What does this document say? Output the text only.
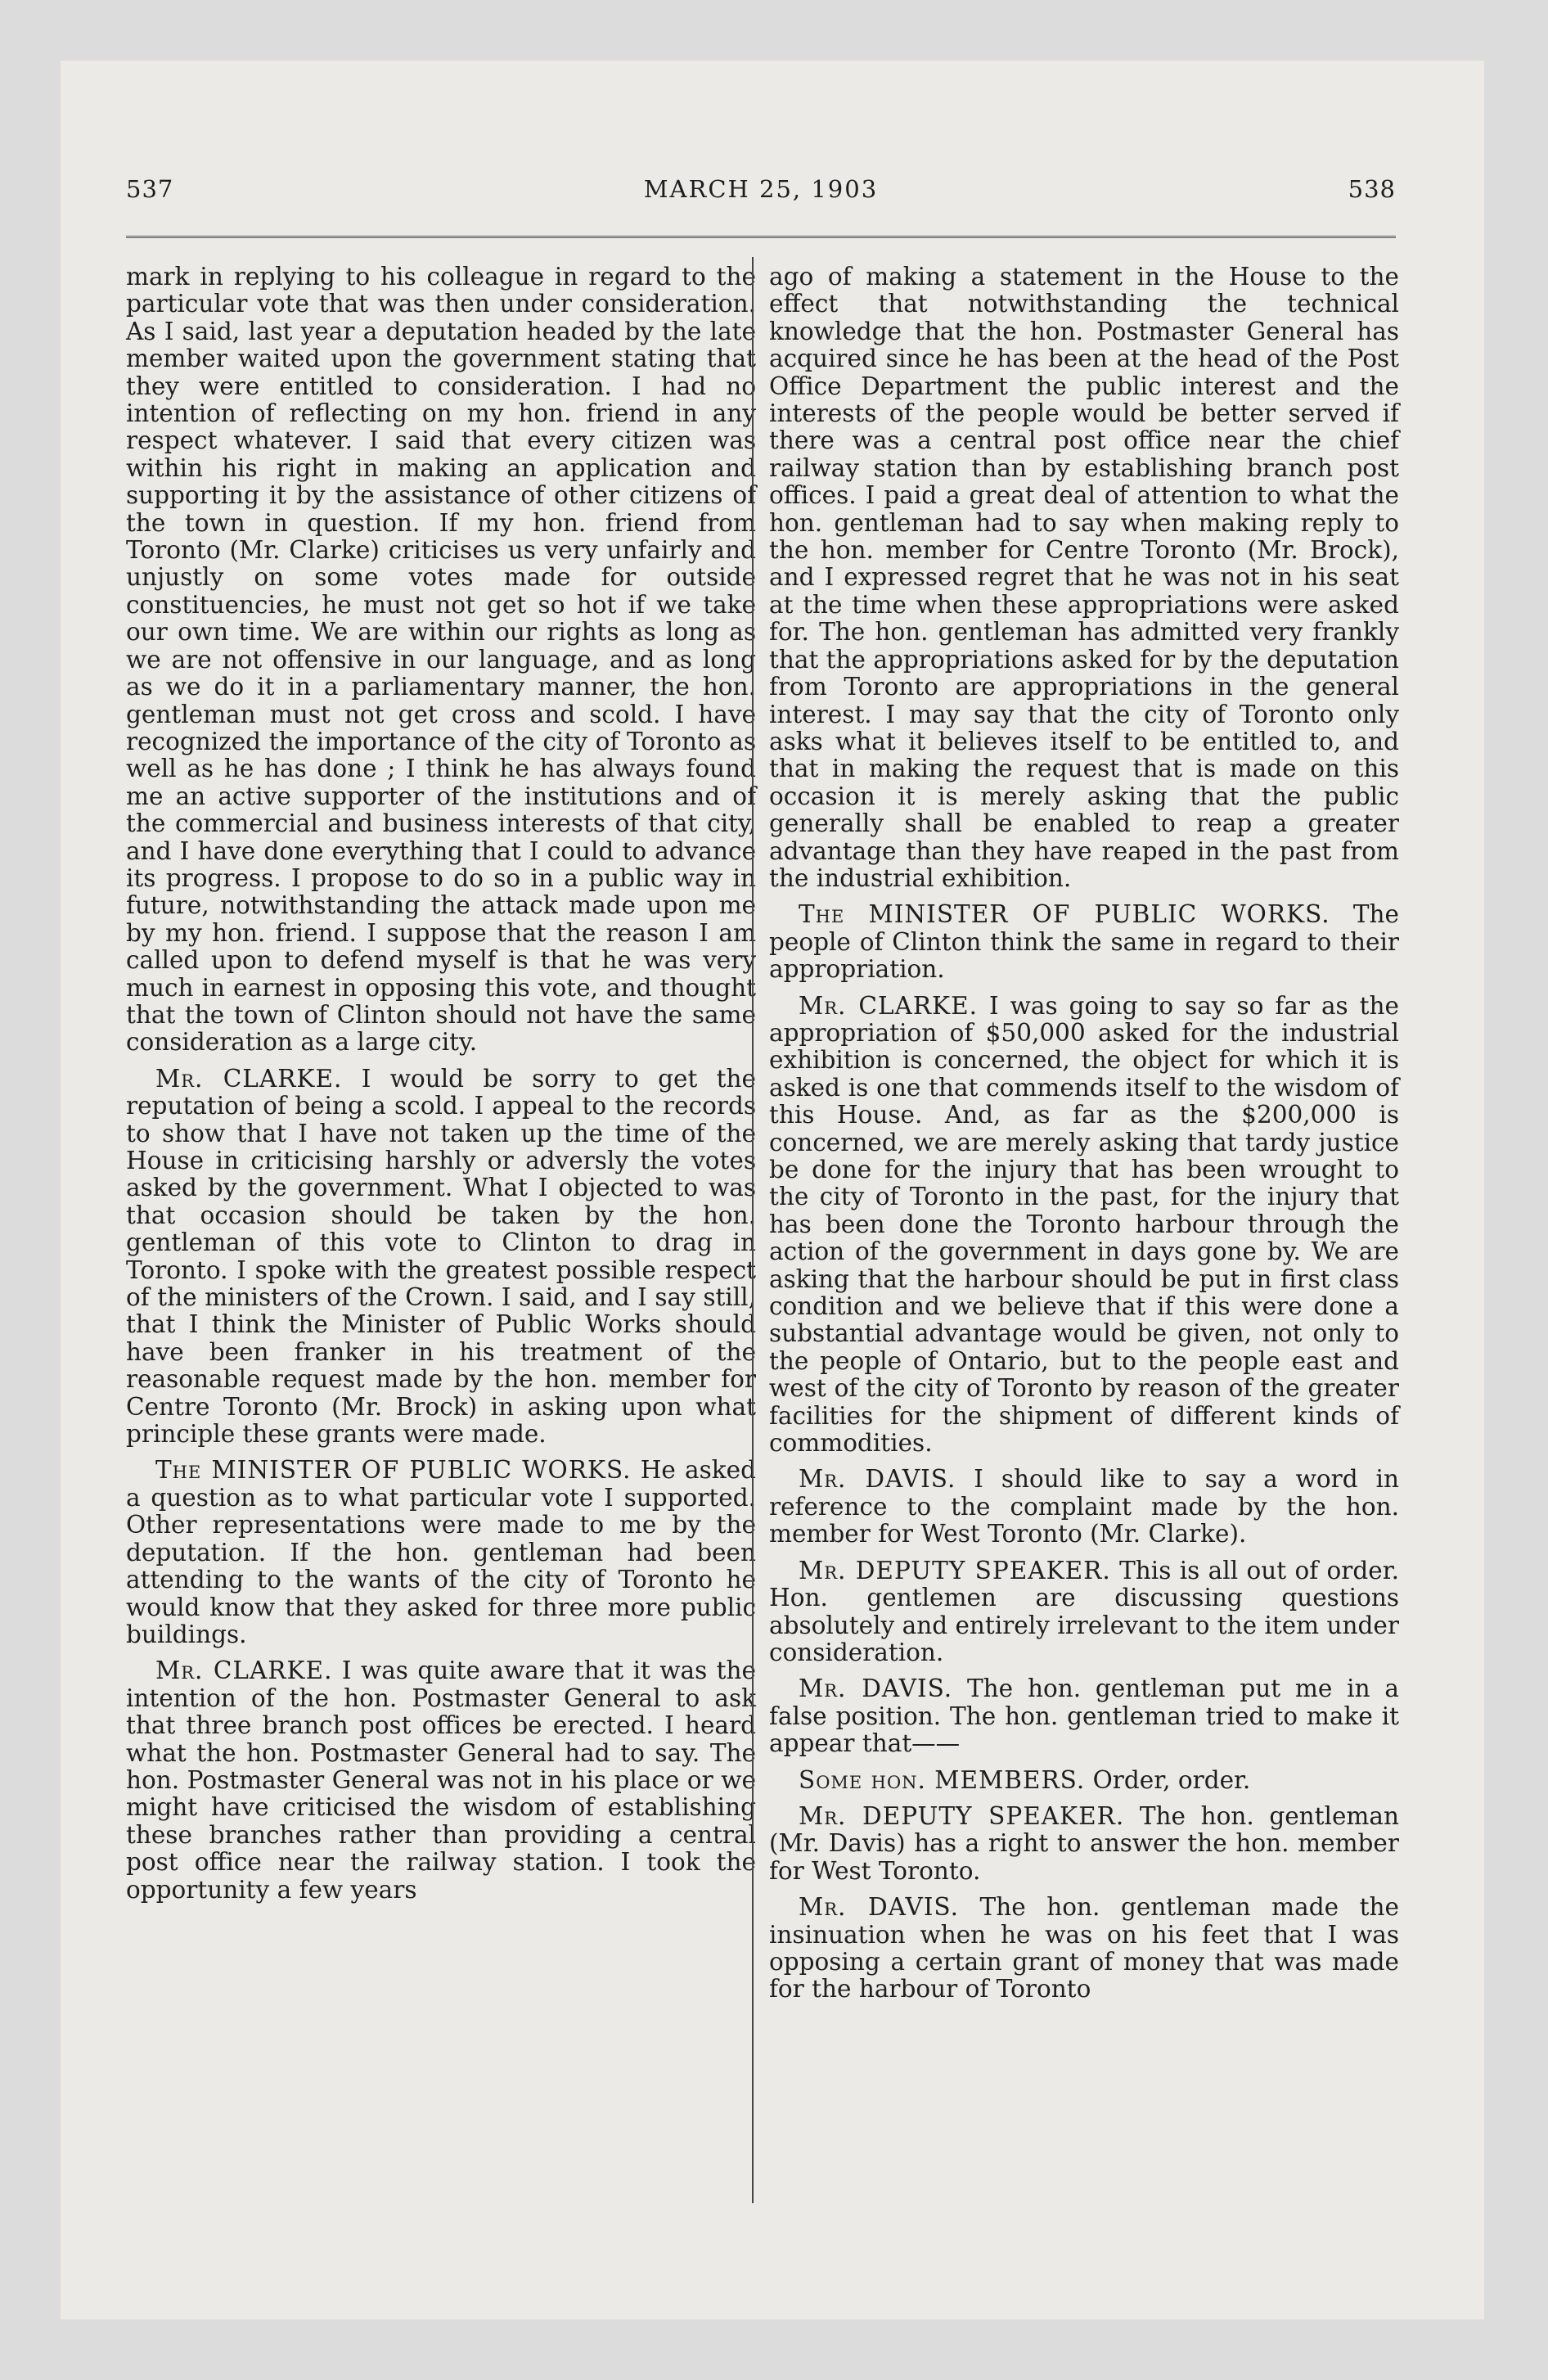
537	MARCH 25, 1903	538

mark in replying to his colleague in regard to the particular vote that was then under consideration. As I said, last year a deputation headed by the late member waited upon the government stating that they were entitled to consideration. I had no intention of reflecting on my hon. friend in any respect whatever. I said that every citizen was within his right in making an application and supporting it by the assistance of other citizens of the town in question. If my hon. friend from Toronto (Mr. Clarke) criticises us very unfairly and unjustly on some votes made for outside constituencies, he must not get so hot if we take our own time. We are within our rights as long as we are not offensive in our language, and as long as we do it in a parliamentary manner, the hon. gentleman must not get cross and scold. I have recognized the importance of the city of Toronto as well as he has done ; I think he has always found me an active supporter of the institutions and of the commercial and business interests of that city, and I have done everything that I could to advance its progress. I propose to do so in a public way in future, notwithstanding the attack made upon me by my hon. friend. I suppose that the reason I am called upon to defend myself is that he was very much in earnest in opposing this vote, and thought that the town of Clinton should not have the same consideration as a large city.

Mr. CLARKE. I would be sorry to get the reputation of being a scold. I appeal to the records to show that I have not taken up the time of the House in criticising harshly or adversly the votes asked by the government. What I objected to was that occasion should be taken by the hon. gentleman of this vote to Clinton to drag in Toronto. I spoke with the greatest possible respect of the ministers of the Crown. I said, and I say still, that I think the Minister of Public Works should have been franker in his treatment of the reasonable request made by the hon. member for Centre Toronto (Mr. Brock) in asking upon what principle these grants were made.

The MINISTER OF PUBLIC WORKS. He asked a question as to what particular vote I supported. Other representations were made to me by the deputation. If the hon. gentleman had been attending to the wants of the city of Toronto he would know that they asked for three more public buildings.

Mr. CLARKE. I was quite aware that it was the intention of the hon. Postmaster General to ask that three branch post offices be erected. I heard what the hon. Postmaster General had to say. The hon. Postmaster General was not in his place or we might have criticised the wisdom of establishing these branches rather than providing a central post office near the railway station. I took the opportunity a few years

ago of making a statement in the House to the effect that notwithstanding the technical knowledge that the hon. Postmaster General has acquired since he has been at the head of the Post Office Department the public interest and the interests of the people would be better served if there was a central post office near the chief railway station than by establishing branch post offices. I paid a great deal of attention to what the hon. gentleman had to say when making reply to the hon. member for Centre Toronto (Mr. Brock), and I expressed regret that he was not in his seat at the time when these appropriations were asked for. The hon. gentleman has admitted very frankly that the appropriations asked for by the deputation from Toronto are appropriations in the general interest. I may say that the city of Toronto only asks what it believes itself to be entitled to, and that in making the request that is made on this occasion it is merely asking that the public generally shall be enabled to reap a greater advantage than they have reaped in the past from the industrial exhibition.

The MINISTER OF PUBLIC WORKS. The people of Clinton think the same in regard to their appropriation.

Mr. CLARKE. I was going to say so far as the appropriation of $50,000 asked for the industrial exhibition is concerned, the object for which it is asked is one that commends itself to the wisdom of this House. And, as far as the $200,000 is concerned, we are merely asking that tardy justice be done for the injury that has been wrought to the city of Toronto in the past, for the injury that has been done the Toronto harbour through the action of the government in days gone by. We are asking that the harbour should be put in first class condition and we believe that if this were done a substantial advantage would be given, not only to the people of Ontario, but to the people east and west of the city of Toronto by reason of the greater facilities for the shipment of different kinds of commodities.

Mr. DAVIS. I should like to say a word in reference to the complaint made by the hon. member for West Toronto (Mr. Clarke).

Mr. DEPUTY SPEAKER. This is all out of order. Hon. gentlemen are discussing questions absolutely and entirely irrelevant to the item under consideration.

Mr. DAVIS. The hon. gentleman put me in a false position. The hon. gentleman tried to make it appear that——

Some hon. MEMBERS. Order, order.

Mr. DEPUTY SPEAKER. The hon. gentleman (Mr. Davis) has a right to answer the hon. member for West Toronto.

Mr. DAVIS. The hon. gentleman made the insinuation when he was on his feet that I was opposing a certain grant of money that was made for the harbour of Toronto
